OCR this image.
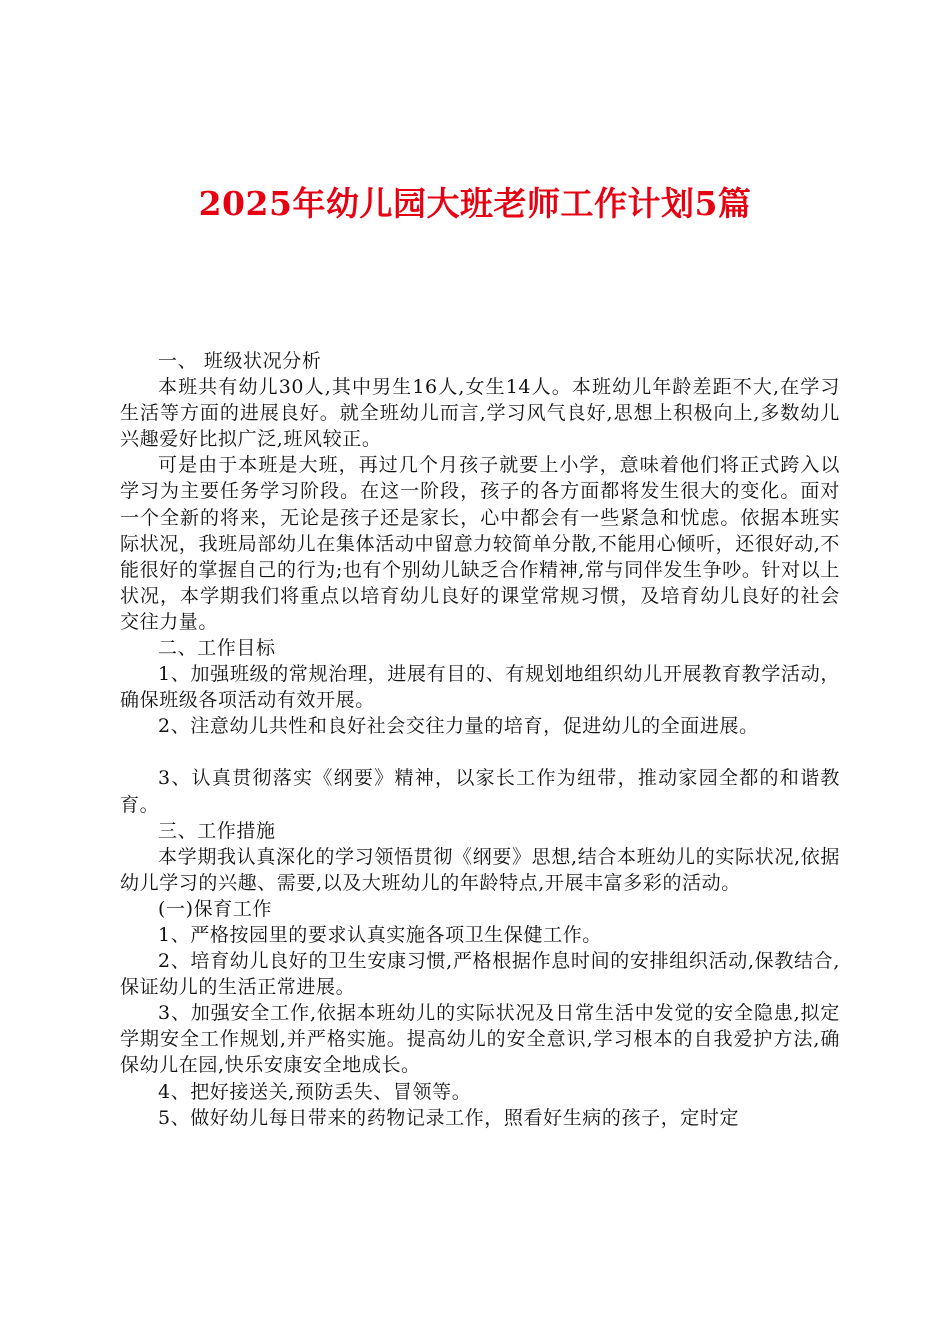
2025年幼儿园大班老师工作计划5篇

一、 班级状况分析

本班共有幼儿30人,其中男生16人,女生14人。本班幼儿年龄差距不大,在学习生活等方面的进展良好。就全班幼儿而言,学习风气良好,思想上积极向上,多数幼儿兴趣爱好比拟广泛,班风较正。

可是由于本班是大班，再过几个月孩子就要上小学，意味着他们将正式跨入以学习为主要任务学习阶段。在这一阶段，孩子的各方面都将发生很大的变化。面对一个全新的将来，无论是孩子还是家长，心中都会有一些紧急和忧虑。依据本班实际状况，我班局部幼儿在集体活动中留意力较简单分散,不能用心倾听，还很好动,不能很好的掌握自己的行为;也有个别幼儿缺乏合作精神,常与同伴发生争吵。针对以上状况，本学期我们将重点以培育幼儿良好的课堂常规习惯，及培育幼儿良好的社会交往力量。

二、工作目标

1、加强班级的常规治理，进展有目的、有规划地组织幼儿开展教育教学活动，确保班级各项活动有效开展。

2、注意幼儿共性和良好社会交往力量的培育，促进幼儿的全面进展。

3、认真贯彻落实《纲要》精神，以家长工作为纽带，推动家园全都的和谐教育。

三、工作措施

本学期我认真深化的学习领悟贯彻《纲要》思想,结合本班幼儿的实际状况,依据幼儿学习的兴趣、需要,以及大班幼儿的年龄特点,开展丰富多彩的活动。

(一)保育工作

1、严格按园里的要求认真实施各项卫生保健工作。

2、培育幼儿良好的卫生安康习惯,严格根据作息时间的安排组织活动,保教结合,保证幼儿的生活正常进展。

3、加强安全工作,依据本班幼儿的实际状况及日常生活中发觉的安全隐患,拟定学期安全工作规划,并严格实施。提高幼儿的安全意识,学习根本的自我爱护方法,确保幼儿在园,快乐安康安全地成长。

4、把好接送关,预防丢失、冒领等。

5、做好幼儿每日带来的药物记录工作，照看好生病的孩子，定时定
